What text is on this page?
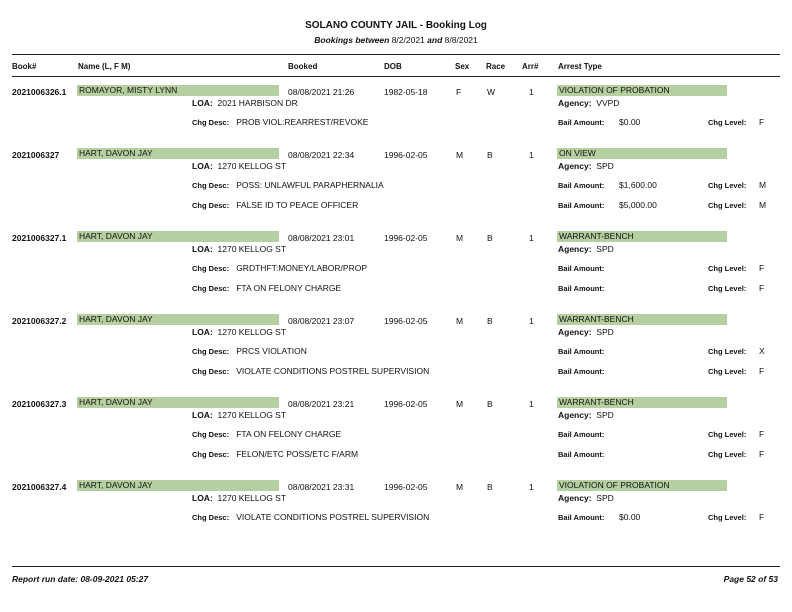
SOLANO COUNTY JAIL - Booking Log
Bookings between 8/2/2021 and 8/8/2021
Book#	Name (L, F M)	Booked	DOB	Sex Race Arr# Arrest Type
2021006326.1 ROMAYOR, MISTY LYNN	08/08/2021 21:26	1982-05-18	F	W	1	VIOLATION OF PROBATION
LOA: 2021 HARBISON DR	Agency: VVPD
Chg Desc: PROB VIOL:REARREST/REVOKE	Bail Amount: $0.00	Chg Level: F
2021006327 HART, DAVON JAY	08/08/2021 22:34	1996-02-05	M	B	1	ON VIEW
LOA: 1270 KELLOG ST	Agency: SPD
Chg Desc: POSS: UNLAWFUL PARAPHERNALIA	Bail Amount: $1,600.00	Chg Level: M
Chg Desc: FALSE ID TO PEACE OFFICER	Bail Amount: $5,000.00	Chg Level: M
2021006327.1 HART, DAVON JAY	08/08/2021 23:01	1996-02-05	M	B	1	WARRANT-BENCH
LOA: 1270 KELLOG ST	Agency: SPD
Chg Desc: GRDTHFT:MONEY/LABOR/PROP	Bail Amount:	Chg Level: F
Chg Desc: FTA ON FELONY CHARGE	Bail Amount:	Chg Level: F
2021006327.2 HART, DAVON JAY	08/08/2021 23:07	1996-02-05	M	B	1	WARRANT-BENCH
LOA: 1270 KELLOG ST	Agency: SPD
Chg Desc: PRCS VIOLATION	Bail Amount:	Chg Level: X
Chg Desc: VIOLATE CONDITIONS POSTREL SUPERVISION	Bail Amount:	Chg Level: F
2021006327.3 HART, DAVON JAY	08/08/2021 23:21	1996-02-05	M	B	1	WARRANT-BENCH
LOA: 1270 KELLOG ST	Agency: SPD
Chg Desc: FTA ON FELONY CHARGE	Bail Amount:	Chg Level: F
Chg Desc: FELON/ETC POSS/ETC F/ARM	Bail Amount:	Chg Level: F
2021006327.4 HART, DAVON JAY	08/08/2021 23:31	1996-02-05	M	B	1	VIOLATION OF PROBATION
LOA: 1270 KELLOG ST	Agency: SPD
Chg Desc: VIOLATE CONDITIONS POSTREL SUPERVISION	Bail Amount: $0.00	Chg Level: F
Report run date: 08-09-2021 05:27	Page 52 of 53
